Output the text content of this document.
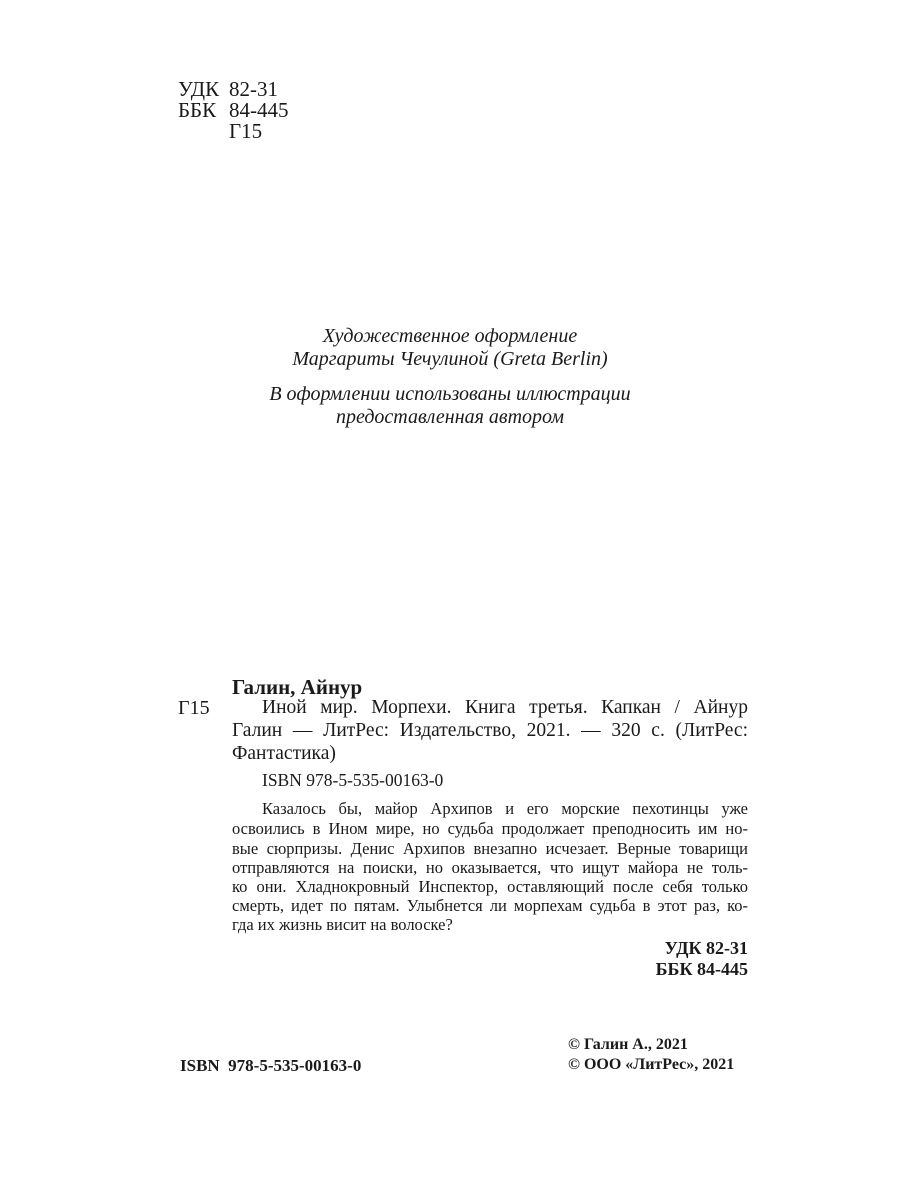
УДК 82-31
ББК 84-445
Г15
Художественное оформление
Маргариты Чечулиной (Greta Berlin)
В оформлении использованы иллюстрации
предоставленная автором
Галин, Айнур
Г15	Иной мир. Морпехи. Книга третья. Капкан / Айнур
Галин — ЛитРес: Издательство, 2021. — 320 с. (ЛитРес:
Фантастика)
ISBN 978-5-535-00163-0
Казалось бы, майор Архипов и его морские пехотинцы уже
освоились в Ином мире, но судьба продолжает преподносить им но-
вые сюрпризы. Денис Архипов внезапно исчезает. Верные товарищи
отправляются на поиски, но оказывается, что ищут майора не толь-
ко они. Хладнокровный Инспектор, оставляющий после себя только
смерть, идет по пятам. Улыбнется ли морпехам судьба в этот раз, ко-
гда их жизнь висит на волоске?
УДК 82-31
ББК 84-445
ISBN  978-5-535-00163-0
© Галин А., 2021
© ООО «ЛитРес», 2021
